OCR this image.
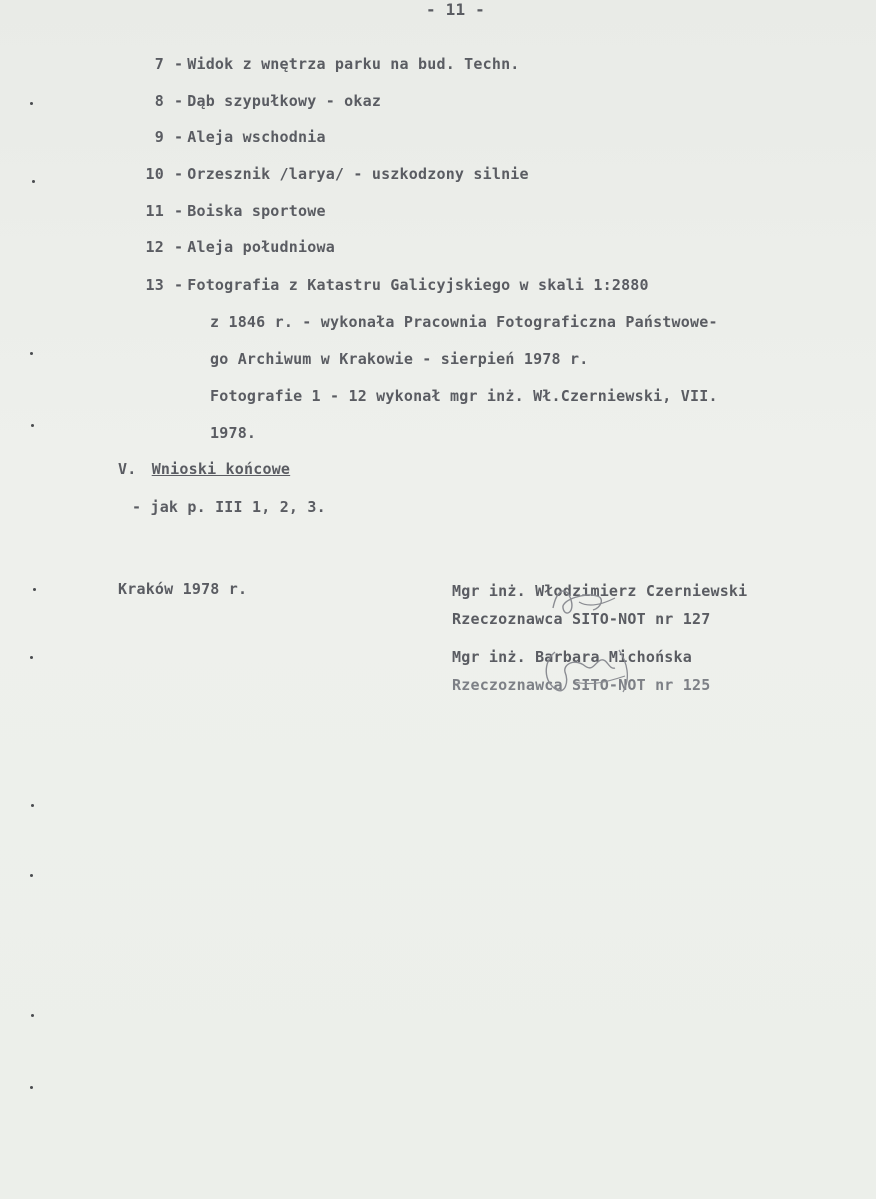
- 11 -
7 - Widok z wnętrza parku na bud. Techn.
8 - Dąb szypułkowy - okaz
9 - Aleja wschodnia
10 - Orzesznik /larya/ - uszkodzony silnie
11 - Boiska sportowe
12 - Aleja południowa
13 - Fotografia z Katastru Galicyjskiego w skali 1:2880
z 1846 r. - wykonała Pracownia Fotograficzna Państwowe-
go Archiwum w Krakowie - sierpień 1978 r.
Fotografie 1 - 12 wykonał mgr inż. Wł.Czerniewski, VII.
1978.
V. Wnioski końcowe
- jak p. III 1, 2, 3.
Kraków 1978 r.	Mgr inż. Włodzimierz Czerniewski
Rzeczoznawca SITO-NOT nr 127
Mgr inż. Barbara Michońska
Rzeczoznawca SITO-NOT nr 125
